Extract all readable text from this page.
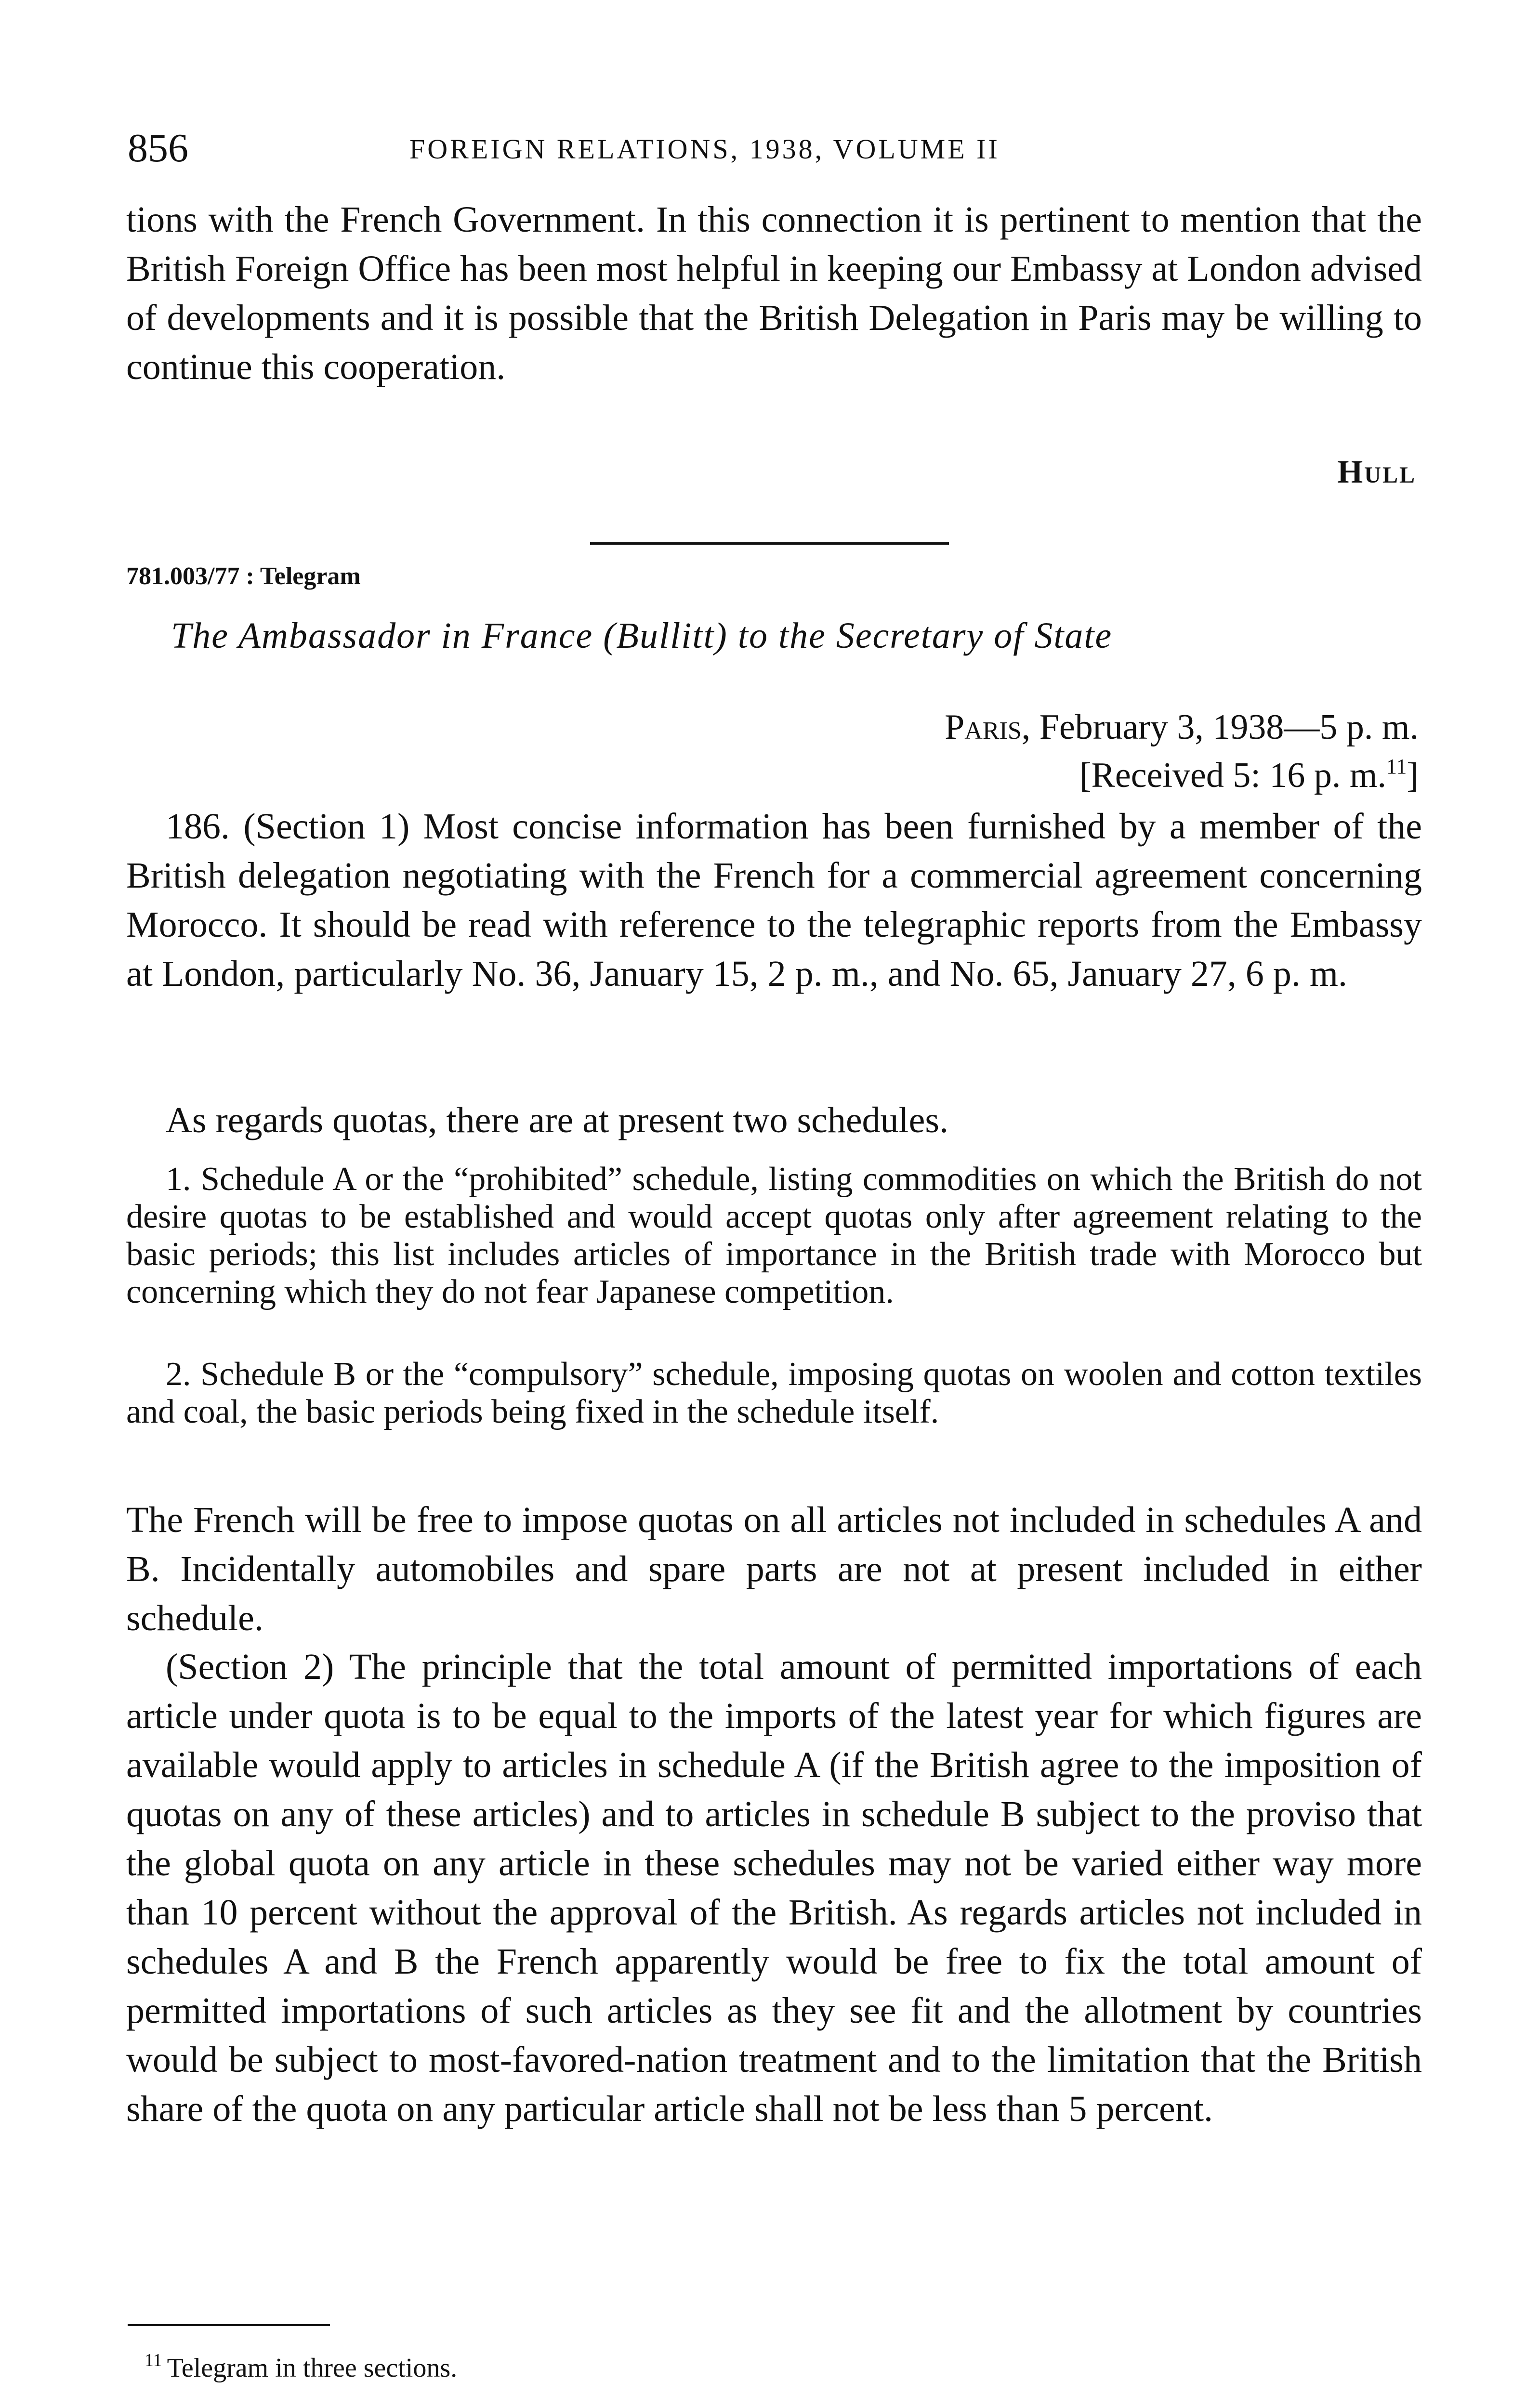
856	FOREIGN RELATIONS, 1938, VOLUME II

tions with the French Government. In this connection it is pertinent to mention that the British Foreign Office has been most helpful in keeping our Embassy at London advised of developments and it is possible that the British Delegation in Paris may be willing to continue this cooperation.

Hull
781.003/77 : Telegram
The Ambassador in France (Bullitt) to the Secretary of State
Paris, February 3, 1938—5 p. m.
[Received 5: 16 p. m.$^{11}$]

186. (Section 1) Most concise information has been furnished by a member of the British delegation negotiating with the French for a commercial agreement concerning Morocco. It should be read with reference to the telegraphic reports from the Embassy at London, particularly No. 36, January 15, 2 p. m., and No. 65, January 27, 6 p. m.

As regards quotas, there are at present two schedules.

1. Schedule A or the “prohibited” schedule, listing commodities on which the British do not desire quotas to be established and would accept quotas only after agreement relating to the basic periods; this list includes articles of importance in the British trade with Morocco but concerning which they do not fear Japanese competition.

2. Schedule B or the “compulsory” schedule, imposing quotas on woolen and cotton textiles and coal, the basic periods being fixed in the schedule itself.

The French will be free to impose quotas on all articles not included in schedules A and B. Incidentally automobiles and spare parts are not at present included in either schedule.

(Section 2) The principle that the total amount of permitted importations of each article under quota is to be equal to the imports of the latest year for which figures are available would apply to articles in schedule A (if the British agree to the imposition of quotas on any of these articles) and to articles in schedule B subject to the proviso that the global quota on any article in these schedules may not be varied either way more than 10 percent without the approval of the British. As regards articles not included in schedules A and B the French apparently would be free to fix the total amount of permitted importations of such articles as they see fit and the allotment by countries would be subject to most-favored-nation treatment and to the limitation that the British share of the quota on any particular article shall not be less than 5 percent.

$^{11}$ Telegram in three sections.
